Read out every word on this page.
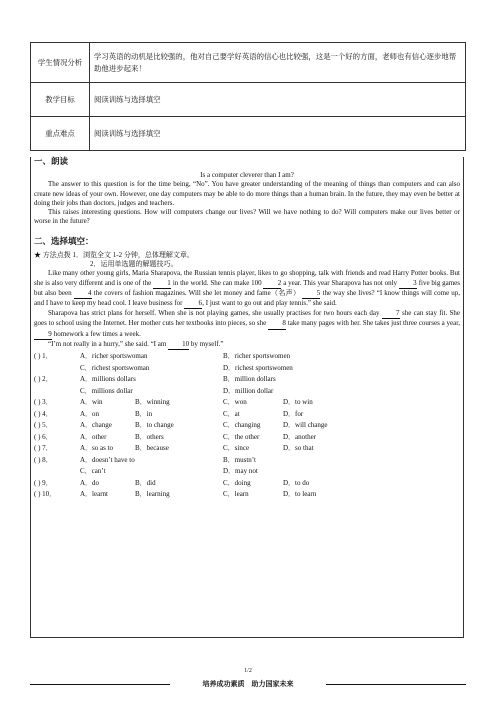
学生情况分析	学习英语的动机是比较强的，他对自己要学好英语的信心也比较强，这是一个好的方面，老师也有信心逐步地帮助他进步起来！
教学目标	阅读训练与选择填空
重点难点	阅读训练与选择填空
一、朗读
Is a computer cleverer than I am?

The answer to this question is for the time being, “No”. You have greater understanding of the meaning of things than computers and can also create new ideas of your own. However, one day computers may be able to do more things than a human brain. In the future, they may even be better at doing their jobs than doctors, judges and teachers.

This raises interesting questions. How will computers change our lives? Will we have nothing to do? Will computers make our lives better or worse in the future?

二、选择填空：
★ 方法点拨 1．浏览全文 1-2 分钟，总体理解文章。
2．运用单选题的解题技巧。

Like many other young girls, Maria Sharapova, the Russian tennis player, likes to go shopping, talk with friends and read Harry Potter books. But she is also very different and is one of the 1 in the world. She can make 100 2 a year. This year Sharapova has not only 3 five big games but also been 4 the covers of fashion magazines. Will she let money and fame（名声） 5 the way she lives? “I know things will come up, and I have to keep my head cool. I leave business for 6, I just want to go out and play tennis.” she said.

Sharapova has strict plans for herself. When she is not playing games, she usually practises for two hours each day 7 she can stay fit. She goes to school using the Internet. Her mother cuts her textbooks into pieces, so she 8 take many pages with her. She takes just three courses a year, 9 homework a few times a week.

“I’m not really in a hurry,” she said. “I am 10 by myself.”

( ) 1．	A．richer sportswoman	B．richer sportswomen
C．richest sportswoman	D．richest sportswomen
( ) 2．	A．millions dollars	B．million dollars
C．millions dollar	D．million dollar
( ) 3．	A．win	B．winning	C．won	D．to win
( ) 4．	A．on	B．in	C．at	D．for
( ) 5．	A．change	B．to change	C．changing	D．will change
( ) 6．	A．other	B．others	C．the other	D．another
( ) 7．	A．so as to	B．because	C．since	D．so that
( ) 8．	A．doesn’t have to	B．mustn’t
C．can’t	D．may not
( ) 9．	A．do	B．did	C．doing	D．to do
( ) 10．	A．learnt	B．learning	C．learn	D．to learn
1/2
培养成功素质　助力国家未来
